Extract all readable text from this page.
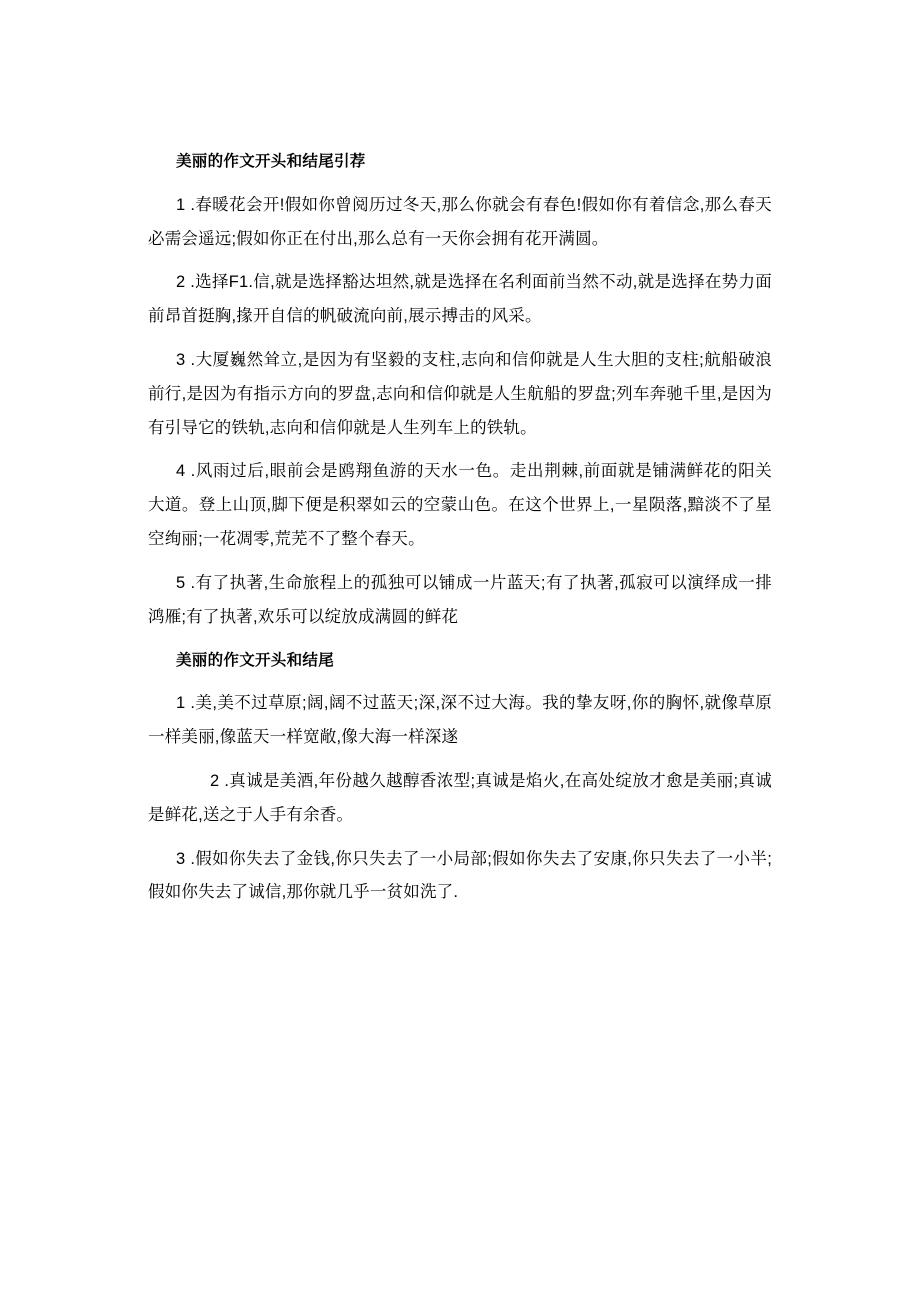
美丽的作文开头和结尾引荐

1 .春暖花会开!假如你曾阅历过冬天,那么你就会有春色!假如你有着信念,那么春天必需会遥远;假如你正在付出,那么总有一天你会拥有花开满圆。

2 .选择F1.信,就是选择豁达坦然,就是选择在名利面前当然不动,就是选择在势力面前昂首挺胸,掾开自信的帆破流向前,展示搏击的风采。

3 .大厦巍然耸立,是因为有坚毅的支柱,志向和信仰就是人生大胆的支柱;航船破浪前行,是因为有指示方向的罗盘,志向和信仰就是人生航船的罗盘;列车奔驰千里,是因为有引导它的铁轨,志向和信仰就是人生列车上的铁轨。

4 .风雨过后,眼前会是鸥翔鱼游的天水一色。走出荆棘,前面就是铺满鲜花的阳关大道。登上山顶,脚下便是积翠如云的空蒙山色。在这个世界上,一星陨落,黯淡不了星空绚丽;一花凋零,荒芜不了整个春天。

5 .有了执著,生命旅程上的孤独可以铺成一片蓝天;有了执著,孤寂可以演绎成一排鸿雁;有了执著,欢乐可以绽放成满圆的鲜花

美丽的作文开头和结尾

1 .美,美不过草原;阔,阔不过蓝天;深,深不过大海。我的挚友呀,你的胸怀,就像草原一样美丽,像蓝天一样宽敞,像大海一样深遂

2 .真诚是美酒,年份越久越醇香浓型;真诚是焰火,在高处绽放才愈是美丽;真诚是鲜花,送之于人手有余香。

3 .假如你失去了金钱,你只失去了一小局部;假如你失去了安康,你只失去了一小半;假如你失去了诚信,那你就几乎一贫如洗了.
